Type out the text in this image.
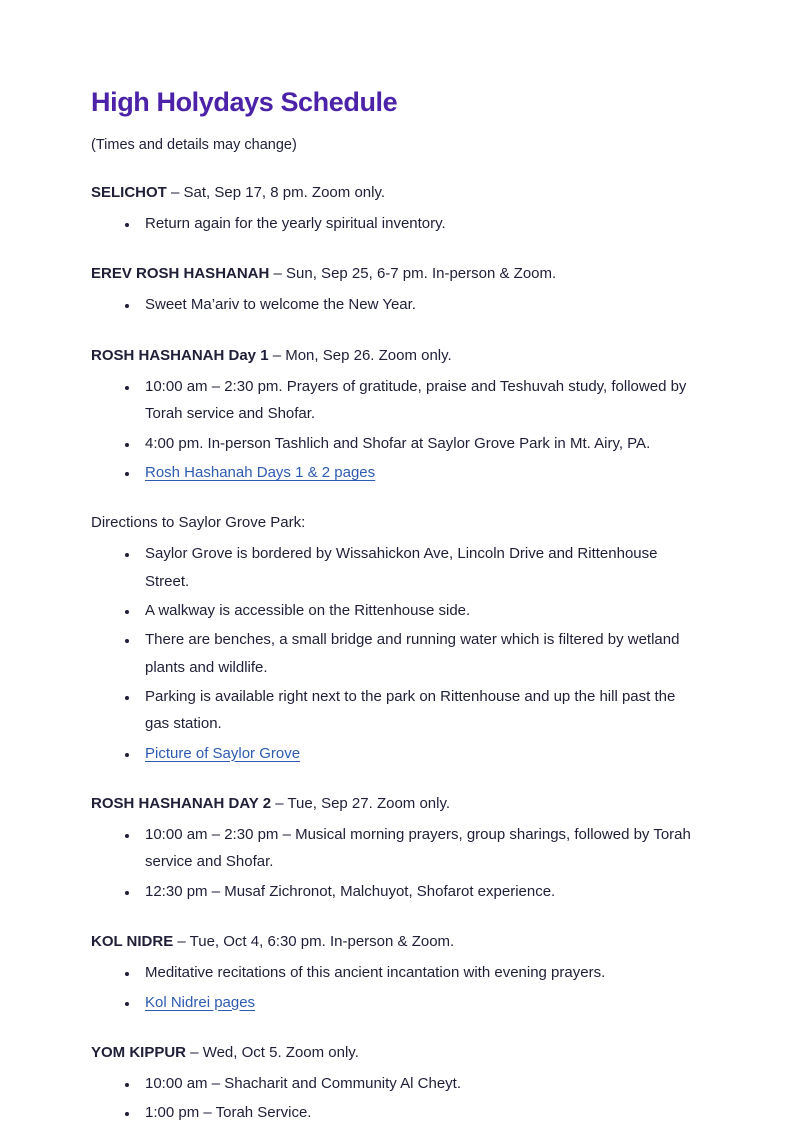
High Holydays Schedule

(Times and details may change)

SELICHOT – Sat, Sep 17, 8 pm. Zoom only.

• Return again for the yearly spiritual inventory.

EREV ROSH HASHANAH – Sun, Sep 25, 6-7 pm. In-person & Zoom.

• Sweet Ma’ariv to welcome the New Year.

ROSH HASHANAH Day 1 – Mon, Sep 26. Zoom only.

• 10:00 am – 2:30 pm. Prayers of gratitude, praise and Teshuvah study, followed by Torah service and Shofar.
• 4:00 pm. In-person Tashlich and Shofar at Saylor Grove Park in Mt. Airy, PA.
• Rosh Hashanah Days 1 & 2 pages

Directions to Saylor Grove Park:

• Saylor Grove is bordered by Wissahickon Ave, Lincoln Drive and Rittenhouse Street.
• A walkway is accessible on the Rittenhouse side.
• There are benches, a small bridge and running water which is filtered by wetland plants and wildlife.
• Parking is available right next to the park on Rittenhouse and up the hill past the gas station.
• Picture of Saylor Grove

ROSH HASHANAH DAY 2 – Tue, Sep 27. Zoom only.

• 10:00 am – 2:30 pm – Musical morning prayers, group sharings, followed by Torah service and Shofar.
• 12:30 pm – Musaf Zichronot, Malchuyot, Shofarot experience.

KOL NIDRE – Tue, Oct 4, 6:30 pm. In-person & Zoom.

• Meditative recitations of this ancient incantation with evening prayers.
• Kol Nidrei pages

YOM KIPPUR – Wed, Oct 5. Zoom only.

• 10:00 am – Shacharit and Community Al Cheyt.
• 1:00 pm – Torah Service.
